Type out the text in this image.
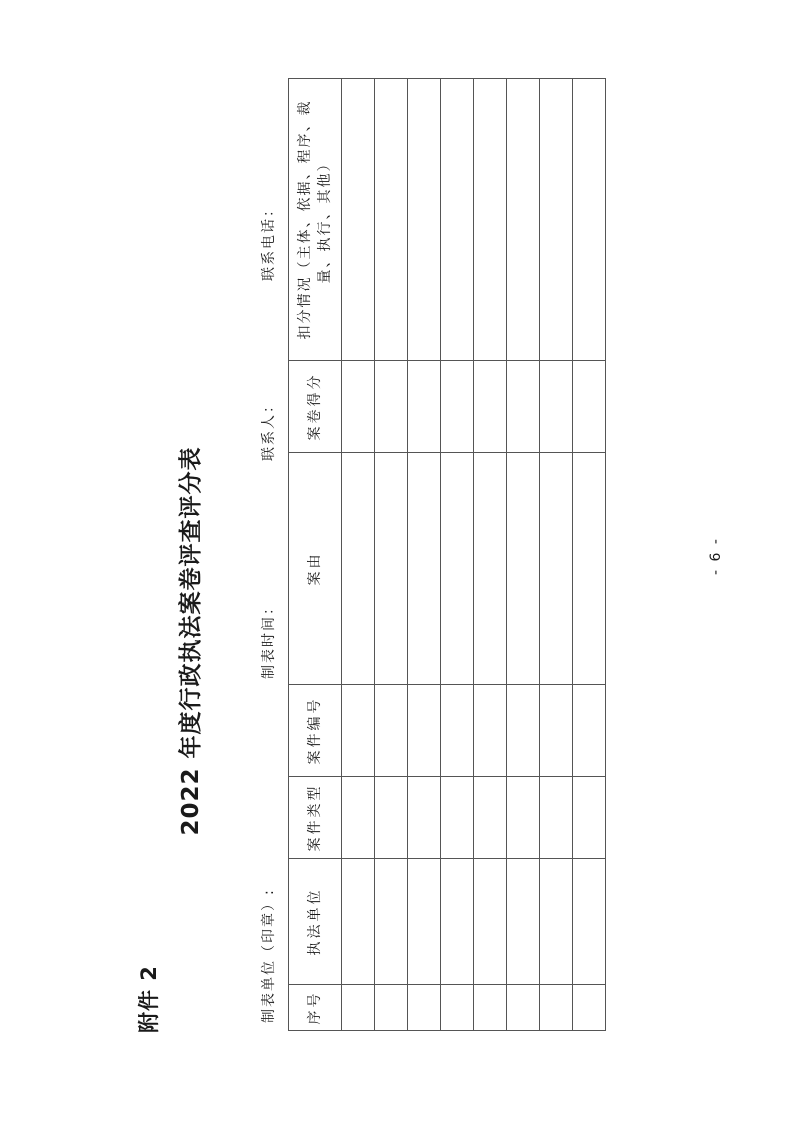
附件 2
2022 年度行政执法案卷评查评分表
制表单位（印章）:
制表时间：
联系人：
联系电话：
序号	执法单位	案件类型	案件编号	案由	案卷得分	扣分情况（主体、依据、程序、裁量、执行、其他）

- 6 -
